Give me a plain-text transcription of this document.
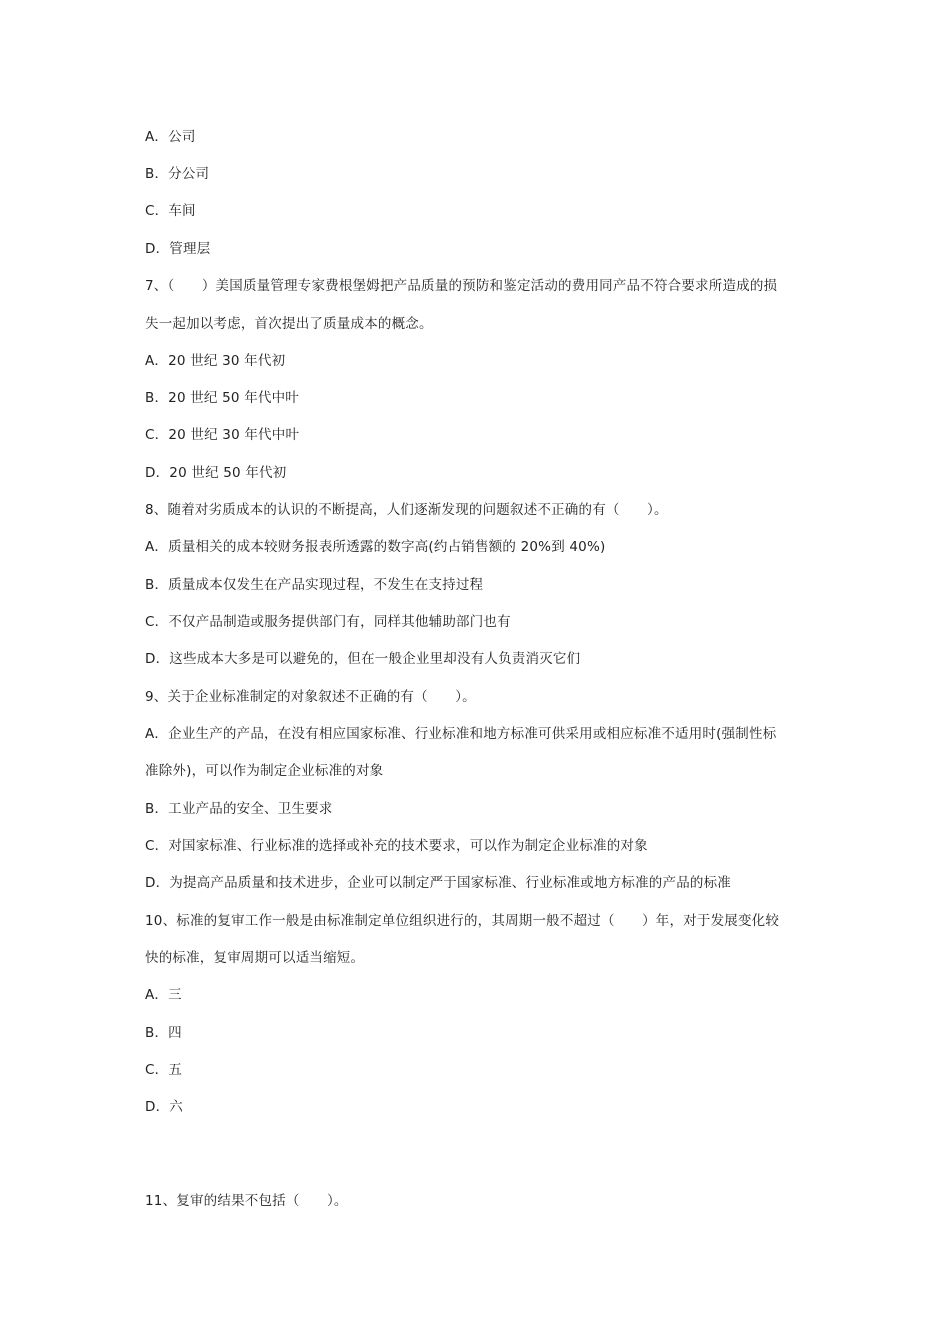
A．公司
B．分公司
C．车间
D．管理层
7、（　　）美国质量管理专家费根堡姆把产品质量的预防和鉴定活动的费用同产品不符合要求所造成的损
失一起加以考虑，首次提出了质量成本的概念。
A．20 世纪 30 年代初
B．20 世纪 50 年代中叶
C．20 世纪 30 年代中叶
D．20 世纪 50 年代初
8、随着对劣质成本的认识的不断提高，人们逐渐发现的问题叙述不正确的有（　　）。
A．质量相关的成本较财务报表所透露的数字高(约占销售额的 20%到 40%)
B．质量成本仅发生在产品实现过程，不发生在支持过程
C．不仅产品制造或服务提供部门有，同样其他辅助部门也有
D．这些成本大多是可以避免的，但在一般企业里却没有人负责消灭它们
9、关于企业标准制定的对象叙述不正确的有（　　）。
A．企业生产的产品，在没有相应国家标准、行业标准和地方标准可供采用或相应标准不适用时(强制性标
准除外)，可以作为制定企业标准的对象
B．工业产品的安全、卫生要求
C．对国家标准、行业标准的选择或补充的技术要求，可以作为制定企业标准的对象
D．为提高产品质量和技术进步，企业可以制定严于国家标准、行业标准或地方标准的产品的标准
10、标准的复审工作一般是由标准制定单位组织进行的，其周期一般不超过（　　）年，对于发展变化较
快的标准，复审周期可以适当缩短。
A．三
B．四
C．五
D．六
11、复审的结果不包括（　　）。
